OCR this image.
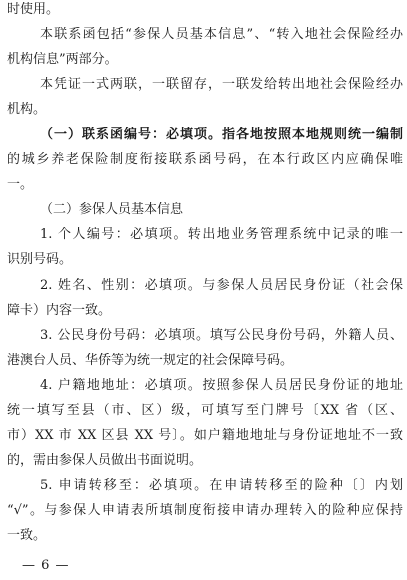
时使用。
本联系函包括“参保人员基本信息”、“转入地社会保险经办
机构信息”两部分。
本凭证一式两联，一联留存，一联发给转出地社会保险经办
机构。
（一）联系函编号：必填项。指各地按照本地规则统一编制
的城乡养老保险制度衔接联系函号码，在本行政区内应确保唯
一。
（二）参保人员基本信息
1. 个人编号：必填项。转出地业务管理系统中记录的唯一
识别号码。
2. 姓名、性别：必填项。与参保人员居民身份证（社会保
障卡）内容一致。
3. 公民身份号码：必填项。填写公民身份号码，外籍人员、
港澳台人员、华侨等为统一规定的社会保障号码。
4. 户籍地地址：必填项。按照参保人员居民身份证的地址
统一填写至县（市、区）级，可填写至门牌号〔XX 省（区、
市）XX 市 XX 区县 XX 号〕。如户籍地地址与身份证地址不一致
的，需由参保人员做出书面说明。
5. 申请转移至：必填项。在申请转移至的险种〔〕内划
“√”。与参保人申请表所填制度衔接申请办理转入的险种应保持
一致。
— 6 —
